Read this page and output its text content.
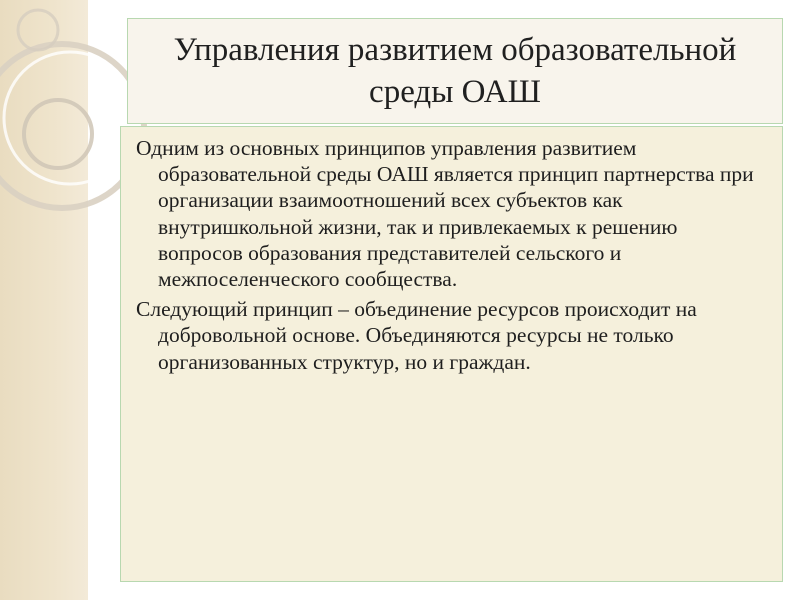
Управления развитием образовательной среды ОАШ

Одним из основных принципов управления развитием образовательной среды ОАШ является принцип партнерства при организации взаимоотношений всех субъектов как внутришкольной жизни, так и привлекаемых к решению вопросов образования представителей сельского и межпоселенческого сообщества.

Следующий принцип – объединение ресурсов происходит на добровольной основе. Объединяются ресурсы не только организованных структур, но и граждан.
